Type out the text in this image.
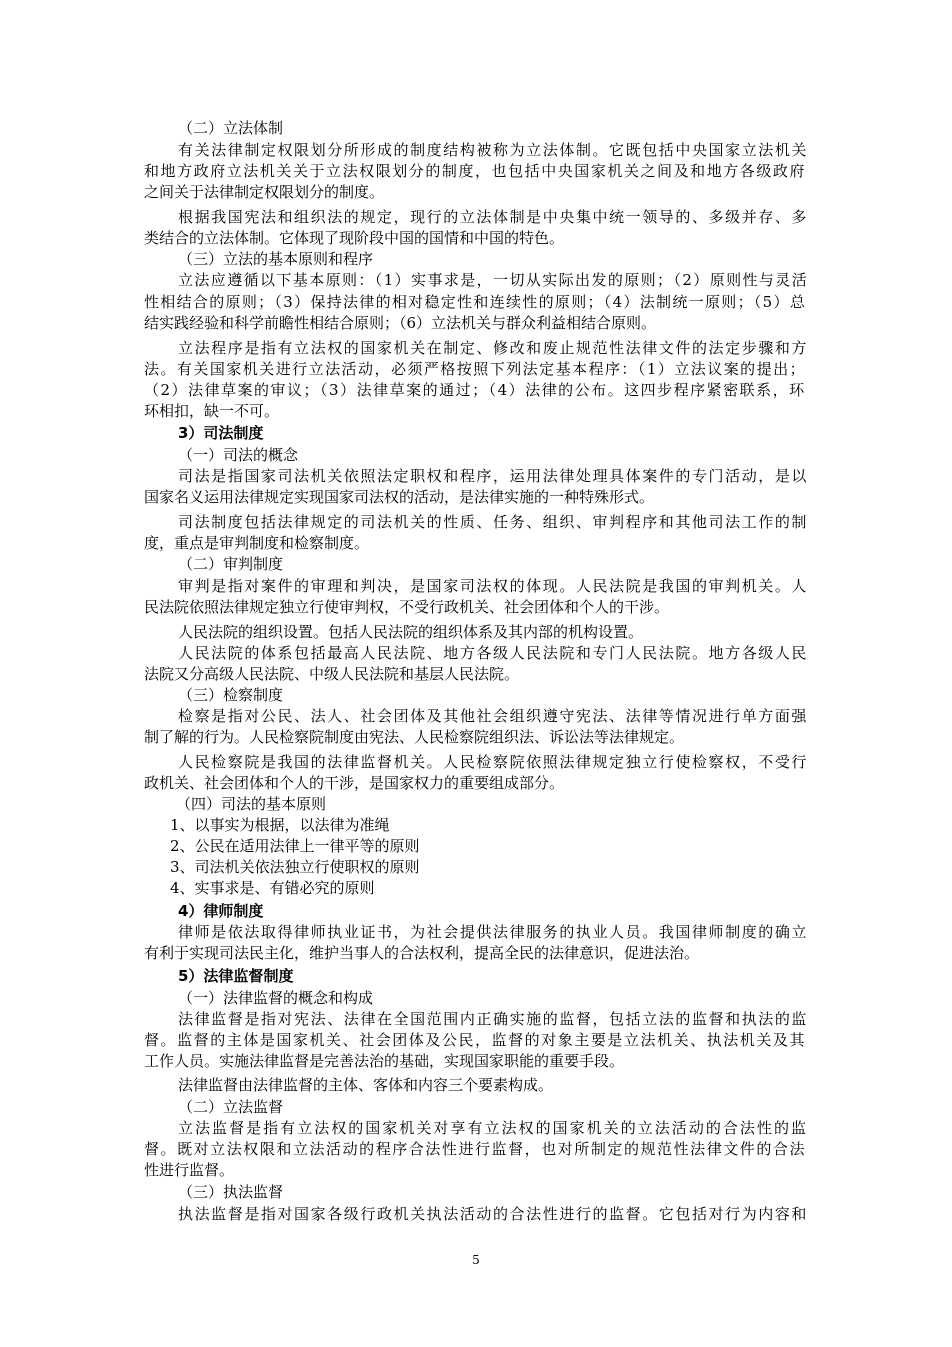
（二）立法体制

有关法律制定权限划分所形成的制度结构被称为立法体制。它既包括中央国家立法机关

和地方政府立法机关关于立法权限划分的制度，也包括中央国家机关之间及和地方各级政府

之间关于法律制定权限划分的制度。

根据我国宪法和组织法的规定，现行的立法体制是中央集中统一领导的、多级并存、多

类结合的立法体制。它体现了现阶段中国的国情和中国的特色。

（三）立法的基本原则和程序

立法应遵循以下基本原则：（1）实事求是，一切从实际出发的原则；（2）原则性与灵活

性相结合的原则；（3）保持法律的相对稳定性和连续性的原则；（4）法制统一原则；（5）总

结实践经验和科学前瞻性相结合原则；（6）立法机关与群众利益相结合原则。

立法程序是指有立法权的国家机关在制定、修改和废止规范性法律文件的法定步骤和方

法。有关国家机关进行立法活动，必须严格按照下列法定基本程序：（1）立法议案的提出；

（2）法律草案的审议；（3）法律草案的通过；（4）法律的公布。这四步程序紧密联系，环

环相扣，缺一不可。

3）司法制度

（一）司法的概念

司法是指国家司法机关依照法定职权和程序，运用法律处理具体案件的专门活动，是以

国家名义运用法律规定实现国家司法权的活动，是法律实施的一种特殊形式。

司法制度包括法律规定的司法机关的性质、任务、组织、审判程序和其他司法工作的制

度，重点是审判制度和检察制度。

（二）审判制度

审判是指对案件的审理和判决，是国家司法权的体现。人民法院是我国的审判机关。人

民法院依照法律规定独立行使审判权，不受行政机关、社会团体和个人的干涉。

人民法院的组织设置。包括人民法院的组织体系及其内部的机构设置。

人民法院的体系包括最高人民法院、地方各级人民法院和专门人民法院。地方各级人民

法院又分高级人民法院、中级人民法院和基层人民法院。

（三）检察制度

检察是指对公民、法人、社会团体及其他社会组织遵守宪法、法律等情况进行单方面强

制了解的行为。人民检察院制度由宪法、人民检察院组织法、诉讼法等法律规定。

人民检察院是我国的法律监督机关。人民检察院依照法律规定独立行使检察权，不受行

政机关、社会团体和个人的干涉，是国家权力的重要组成部分。

（四）司法的基本原则

1、以事实为根据，以法律为准绳

2、公民在适用法律上一律平等的原则

3、司法机关依法独立行使职权的原则

4、实事求是、有错必究的原则

4）律师制度

律师是依法取得律师执业证书，为社会提供法律服务的执业人员。我国律师制度的确立

有利于实现司法民主化，维护当事人的合法权利，提高全民的法律意识，促进法治。

5）法律监督制度

（一）法律监督的概念和构成

法律监督是指对宪法、法律在全国范围内正确实施的监督，包括立法的监督和执法的监

督。监督的主体是国家机关、社会团体及公民，监督的对象主要是立法机关、执法机关及其

工作人员。实施法律监督是完善法治的基础，实现国家职能的重要手段。

法律监督由法律监督的主体、客体和内容三个要素构成。

（二）立法监督

立法监督是指有立法权的国家机关对享有立法权的国家机关的立法活动的合法性的监

督。既对立法权限和立法活动的程序合法性进行监督，也对所制定的规范性法律文件的合法

性进行监督。

（三）执法监督

执法监督是指对国家各级行政机关执法活动的合法性进行的监督。它包括对行为内容和

5
